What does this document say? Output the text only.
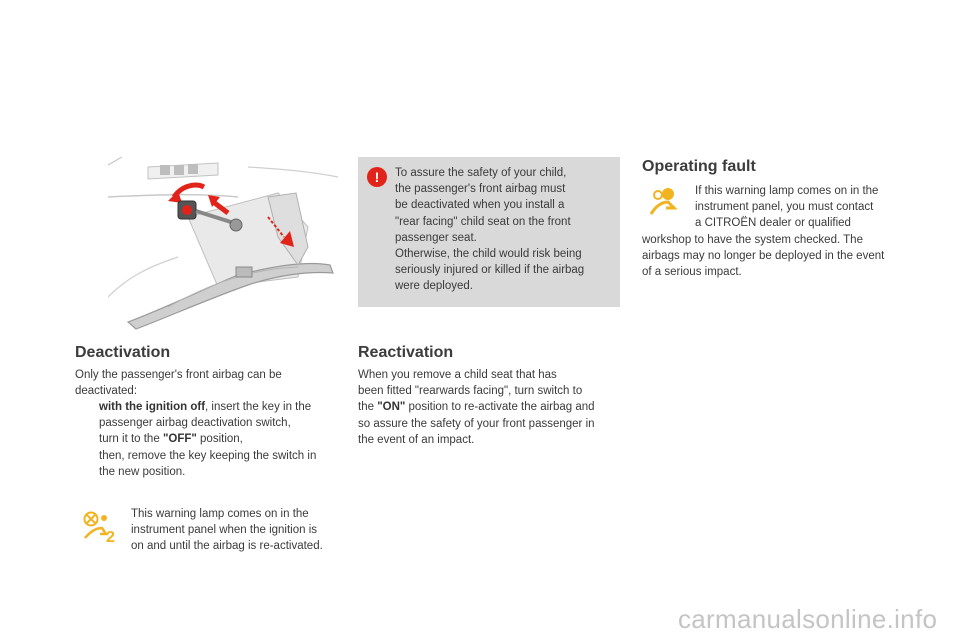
Deactivation
Only the passenger's front airbag can be
deactivated:
with the ignition off, insert the key in the
passenger airbag deactivation switch,
turn it to the "OFF" position,
then, remove the key keeping the switch in
the new position.
2
This warning lamp comes on in the
instrument panel when the ignition is
on and until the airbag is re-activated.
!	To assure the safety of your child,
the passenger's front airbag must
be deactivated when you install a
"rear facing" child seat on the front
passenger seat.
Otherwise, the child would risk being
seriously injured or killed if the airbag
were deployed.
Reactivation
When you remove a child seat that has
been fitted "rearwards facing", turn switch to
the "ON" position to re-activate the airbag and
so assure the safety of your front passenger in
the event of an impact.
Operating fault
If this warning lamp comes on in the
instrument panel, you must contact
a CITROËN dealer or qualified
workshop to have the system checked. The
airbags may no longer be deployed in the event
of a serious impact.
carmanualsonline.info
